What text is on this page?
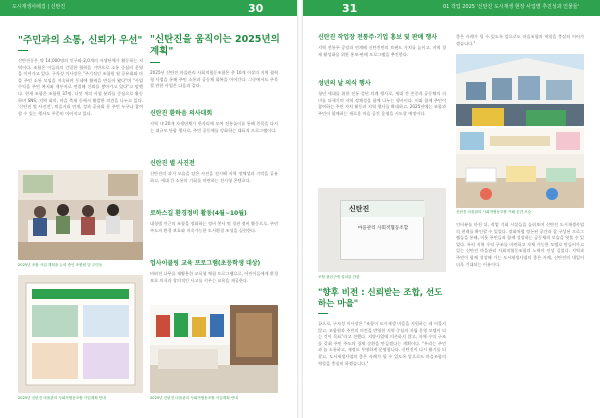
도시재생사례집 | 신탄진	30	31	01 작업 2025 '신탄진 도시재생 현장 사업별 추진성과 인물들'
"주민과의 소통, 신뢰가 우선"
신탄진동은 약 14,000명의 인구와 2,0개의 자생단체가 활동하는 지역이다. 조합은 이들과의 긴밀한 협력을 기반으로 소통 중심의 운영을 이어가고 있다. 구자성 이사장은 "주기적인 조합원 월 공유회와 마을 주민 소통 모임을 지속하며 동네에 활력을 만들어 왔다"며 "사업 수익을 주민 복지와 재투자로 연결해 신뢰를 쌓아가고 있다"고 말했다. 현재 조합은 조합원 37명, 다섯 개의 사업 분과를 중심으로 활동하며 SNS, 지역 회의, 마을 축제 등에서 활발한 의견을 나누고 있다. '신탄진 별 사진전', 먹을거리 연계, 성과 공유회 등 주민 누구나 참여할 수 있는 행사도 꾸준히 이어지고 있다.
2025년 조합 사업 계획을 논의 중인 조합원 및 주민들
2025년 신탄진 마을관리 사회적협동조합 사업계획 안내
"신탄진을 움직이는 2025년의 계획"
2025년 신탄진 마을관리 사회적협동조합은 총 10개 이상의 지역 협력형 사업을 통해 주민 소통과 공동체 회복을 이어간다. 그중에서도 주목할 만한 사업은 다음과 같다.
신탄진 환하음 의사대회
지역 내 20개 자생단체가 한자리에 모여 전통놀이를 통해 친목을 다지는 대규모 단합 행사로, 주민 공동체를 강화하는 대표적 프로그램이다.
신탄진 별 사진전
신탄진의 과거 모습을 담은 사진을 전시해 지역 정체성과 기억을 공유하고, 세대 간 소통의 기회를 마련하는 전시형 콘텐츠다.
로하스길 환경정비 활동(4월~10월)
대청댐 인근의 조합을 정화하는 정비 봉사 및 경관 정비 활동으로, 주민 주도의 환경 보호와 지속가능한 도시환경 조성을 실현한다.
업사이클링 교육 프로그램(초등학생 대상)
버려진 나무를 재활용한 교육형 체험 프로그램으로, 어린이들에게 환경 보호 의식과 창의적인 사고를 키우는 교육을 제공한다.
2025년 신탄진 마을관리 사회적협동조합 사업계획 안내
신탄진 작업장 전통주·기업 홍보 및 판매 행사
지역 전통주 공장과 연계해 신탄진만의 브랜드 가치를 높이고, 지역 경제 활성화를 위한 홍보·판매 프로그램을 추진한다.
성년의 날 의식 행사
청년 세대를 위한 전통 성년 의례 행사로, 세대 간 존중과 공동체의 의미를 되새기며 지역 정체성을 함께 나누는 행사이다. 이와 함께 주민이 참여하는 주민 자치 활동과 지역 행사를 확대하고, 2025년에는 조합과 주민이 함께하는 새로운 마을 공간 운영을 시도할 예정이다.
신탄진
마을관리 사회적협동조합
조합 출입구에 설치된 간판
"향후 비전 : 신뢰받는 조합, 선도하는 마을"
끝으로, 구자성 이사장은 "조합이 도시재생 마을을 지원하는 데 머물지 않고, 조합원과 주민의 의견을 반영한 지역 중심의 자립 운영 모델이 되는 것이 목표"라고 전했다. 지방사업에 의존하지 않고, 자체 수익 구조를 갖춰 주민 주도의 경제 순환을 만들겠다는 계획이다. "우리는 주민과 늘 소통하고, 재정도 투명하게 운영합니다. 신탄진이 다시 활기를 되찾고, 도시재생사업의 좋은 사례가 될 수 있도록 앞으로도 마을조합의 역할을 충실히 하겠습니다."
좋은 사례가 될 수 있도록 앞으로도 마을조합의 역할을 충실히 이어가겠습니다."
신탄진 마을관리 사회적협동조합 카페 공간 모습
인터뷰를 마친 뒤, 작업 기회 시설들을 둘러보며 신탄진 도시재생사업의 현재를 확인할 수 있었다. 장화처럼 정돈된 공간과 잘 구성된 프로그램들을 통해, 이웃 주민들과 함께 성장하는 공동체의 모습을 엿볼 수 있었다. 특히 지역 수익 구조를 마련하고 자체 가능한 모델로 만들어가고 있는 신탄진 마을관리 사회적협동조합의 노력이 인상 깊었다. 지역과 주민이 함께 성장해 가는 도시재생사업의 좋은 사례, 신탄진의 내일이 더욱 기대되는 이유이다.
